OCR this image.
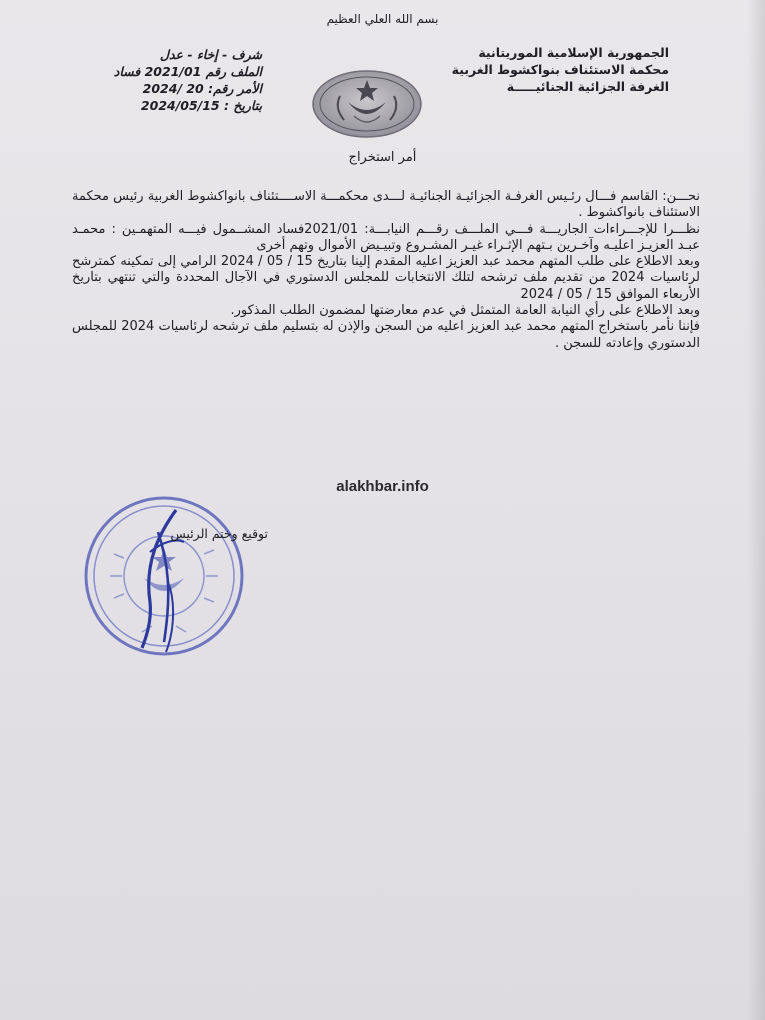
بسم الله العلي العظيم
الجمهورية الإسلامية الموريتانية
محكمة الاستئناف بنواكشوط الغربية
الغرفة الجزائية الجنائيـــــة
شرف - إخاء - عدل
الملف رقم 2021/01 فساد
الأمر رقم: 20 /2024
بتاريخ : 2024/05/15
أمر استخراج

نحـــن: القاسم فـــال رئـيس الغرفـة الجزائيـة الجنائيـة لـــدى محكمـــة الاســــتئناف بانواكشوط الغربية رئيس محكمة الاستئناف بانواكشوط .

نظـــرا للإجـــراءات الجاريـــة فـــي الملـــف رقـــم النيابـــة: 2021/01فساد المشــمول فيـــه المتهمـين : محمـد عبـد العزيـز اعليـه وآخـرين بـتهم الإثـراء غيـر المشـروع وتبيـيض الأموال وتهم أخرى

وبعد الاطلاع على طلب المتهم محمد عبد العزيز اعليه المقدم إلينا بتاريخ 15 / 05 / 2024 الرامي إلى تمكينه كمترشح لرئاسيات 2024 من تقديم ملف ترشحه لتلك الانتخابات للمجلس الدستوري في الآجال المحددة والتي تنتهي بتاريخ الأربعاء الموافق 15 / 05 / 2024

وبعد الاطلاع على رأي النيابة العامة المتمثل في عدم معارضتها لمضمون الطلب المذكور.

فإننا نأمر باستخراج المتهم محمد عبد العزيز اعليه من السجن والإذن له بتسليم ملف ترشحه لرئاسيات 2024 للمجلس الدستوري وإعادته للسجن .

alakhbar.info
توقيع وختم الرئيس
